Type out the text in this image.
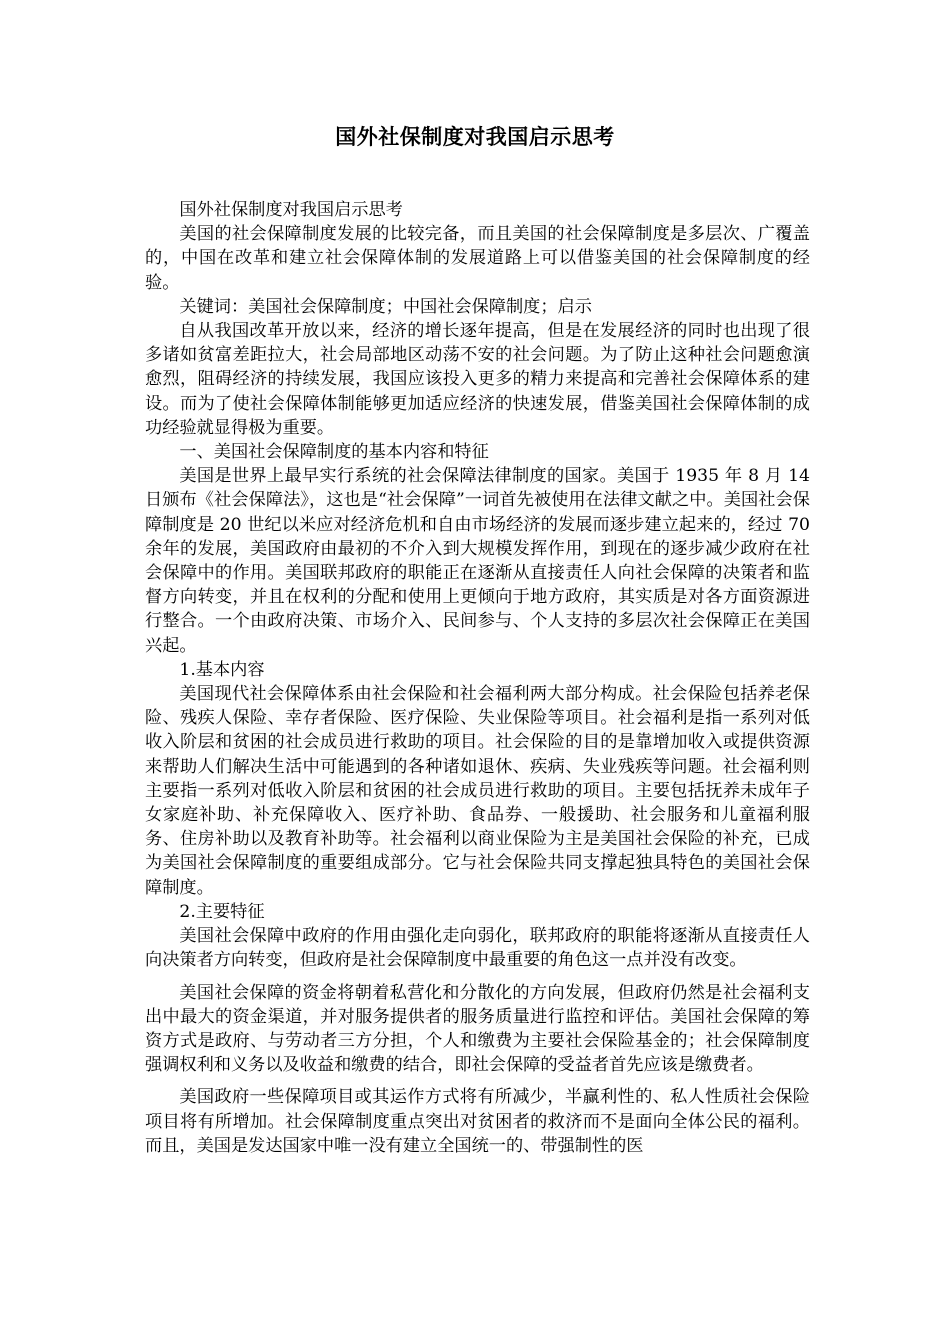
国外社保制度对我国启示思考

国外社保制度对我国启示思考

美国的社会保障制度发展的比较完备，而且美国的社会保障制度是多层次、广覆盖的，中国在改革和建立社会保障体制的发展道路上可以借鉴美国的社会保障制度的经验。

关键词：美国社会保障制度；中国社会保障制度；启示

自从我国改革开放以来，经济的增长逐年提高，但是在发展经济的同时也出现了很多诸如贫富差距拉大，社会局部地区动荡不安的社会问题。为了防止这种社会问题愈演愈烈，阻碍经济的持续发展，我国应该投入更多的精力来提高和完善社会保障体系的建设。而为了使社会保障体制能够更加适应经济的快速发展，借鉴美国社会保障体制的成功经验就显得极为重要。

一、美国社会保障制度的基本内容和特征

美国是世界上最早实行系统的社会保障法律制度的国家。美国于 1935 年 8 月 14 日颁布《社会保障法》，这也是“社会保障”一词首先被使用在法律文献之中。美国社会保障制度是 20 世纪以米应对经济危机和自由市场经济的发展而逐步建立起来的，经过 70 余年的发展，美国政府由最初的不介入到大规模发挥作用，到现在的逐步减少政府在社会保障中的作用。美国联邦政府的职能正在逐渐从直接责任人向社会保障的决策者和监督方向转变，并且在权利的分配和使用上更倾向于地方政府，其实质是对各方面资源进行整合。一个由政府决策、市场介入、民间参与、个人支持的多层次社会保障正在美国兴起。

1.基本内容

美国现代社会保障体系由社会保险和社会福利两大部分构成。社会保险包括养老保险、残疾人保险、幸存者保险、医疗保险、失业保险等项目。社会福利是指一系列对低收入阶层和贫困的社会成员进行救助的项目。社会保险的目的是靠增加收入或提供资源来帮助人们解决生活中可能遇到的各种诸如退休、疾病、失业残疾等问题。社会福利则主要指一系列对低收入阶层和贫困的社会成员进行救助的项目。主要包括抚养未成年子女家庭补助、补充保障收入、医疗补助、食品券、一般援助、社会服务和儿童福利服务、住房补助以及教育补助等。社会福利以商业保险为主是美国社会保险的补充，已成为美国社会保障制度的重要组成部分。它与社会保险共同支撑起独具特色的美国社会保障制度。

2.主要特征

美国社会保障中政府的作用由强化走向弱化，联邦政府的职能将逐渐从直接责任人向决策者方向转变，但政府是社会保障制度中最重要的角色这一点并没有改变。

美国社会保障的资金将朝着私营化和分散化的方向发展，但政府仍然是社会福利支出中最大的资金渠道，并对服务提供者的服务质量进行监控和评估。美国社会保障的筹资方式是政府、与劳动者三方分担，个人和缴费为主要社会保险基金的；社会保障制度强调权利和义务以及收益和缴费的结合，即社会保障的受益者首先应该是缴费者。

美国政府一些保障项目或其运作方式将有所减少，半赢利性的、私人性质社会保险项目将有所增加。社会保障制度重点突出对贫困者的救济而不是面向全体公民的福利。而且，美国是发达国家中唯一没有建立全国统一的、带强制性的医
